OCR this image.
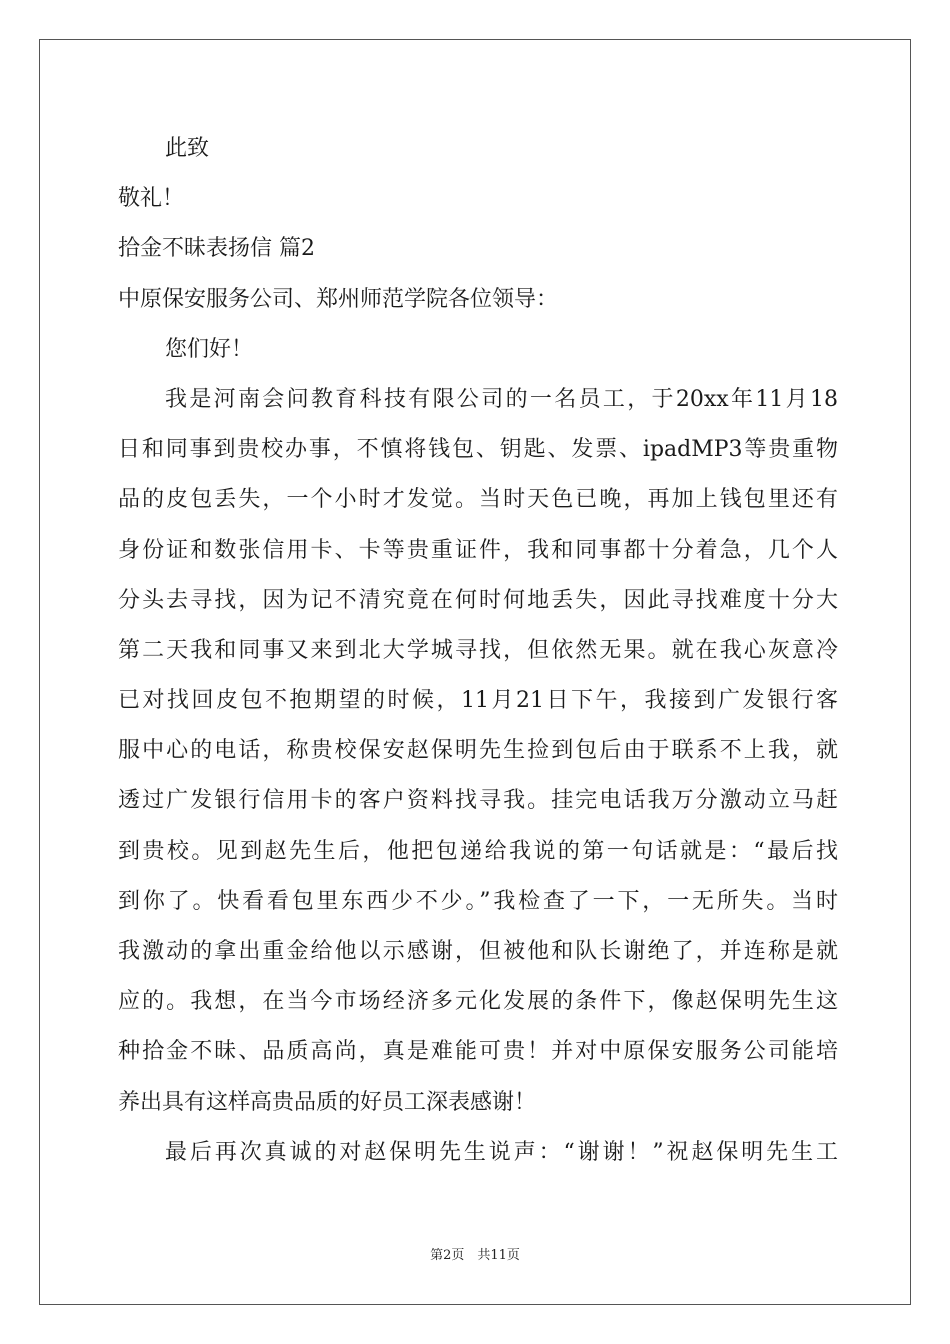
此致
敬礼！
拾金不昧表扬信 篇2
中原保安服务公司、郑州师范学院各位领导：
您们好！
我是河南会问教育科技有限公司的一名员工，于20xx年11月18
日和同事到贵校办事，不慎将钱包、钥匙、发票、ipadMP3等贵重物
品的皮包丢失，一个小时才发觉。当时天色已晚，再加上钱包里还有
身份证和数张信用卡、卡等贵重证件，我和同事都十分着急，几个人
分头去寻找，因为记不清究竟在何时何地丢失，因此寻找难度十分大
第二天我和同事又来到北大学城寻找，但依然无果。就在我心灰意冷
已对找回皮包不抱期望的时候，11月21日下午，我接到广发银行客
服中心的电话，称贵校保安赵保明先生捡到包后由于联系不上我，就
透过广发银行信用卡的客户资料找寻我。挂完电话我万分激动立马赶
到贵校。见到赵先生后，他把包递给我说的第一句话就是：“最后找
到你了。快看看包里东西少不少。”我检查了一下，一无所失。当时
我激动的拿出重金给他以示感谢，但被他和队长谢绝了，并连称是就
应的。我想，在当今市场经济多元化发展的条件下，像赵保明先生这
种拾金不昧、品质高尚，真是难能可贵！并对中原保安服务公司能培
养出具有这样高贵品质的好员工深表感谢！
最后再次真诚的对赵保明先生说声：“谢谢！”祝赵保明先生工
第2页　共11页
